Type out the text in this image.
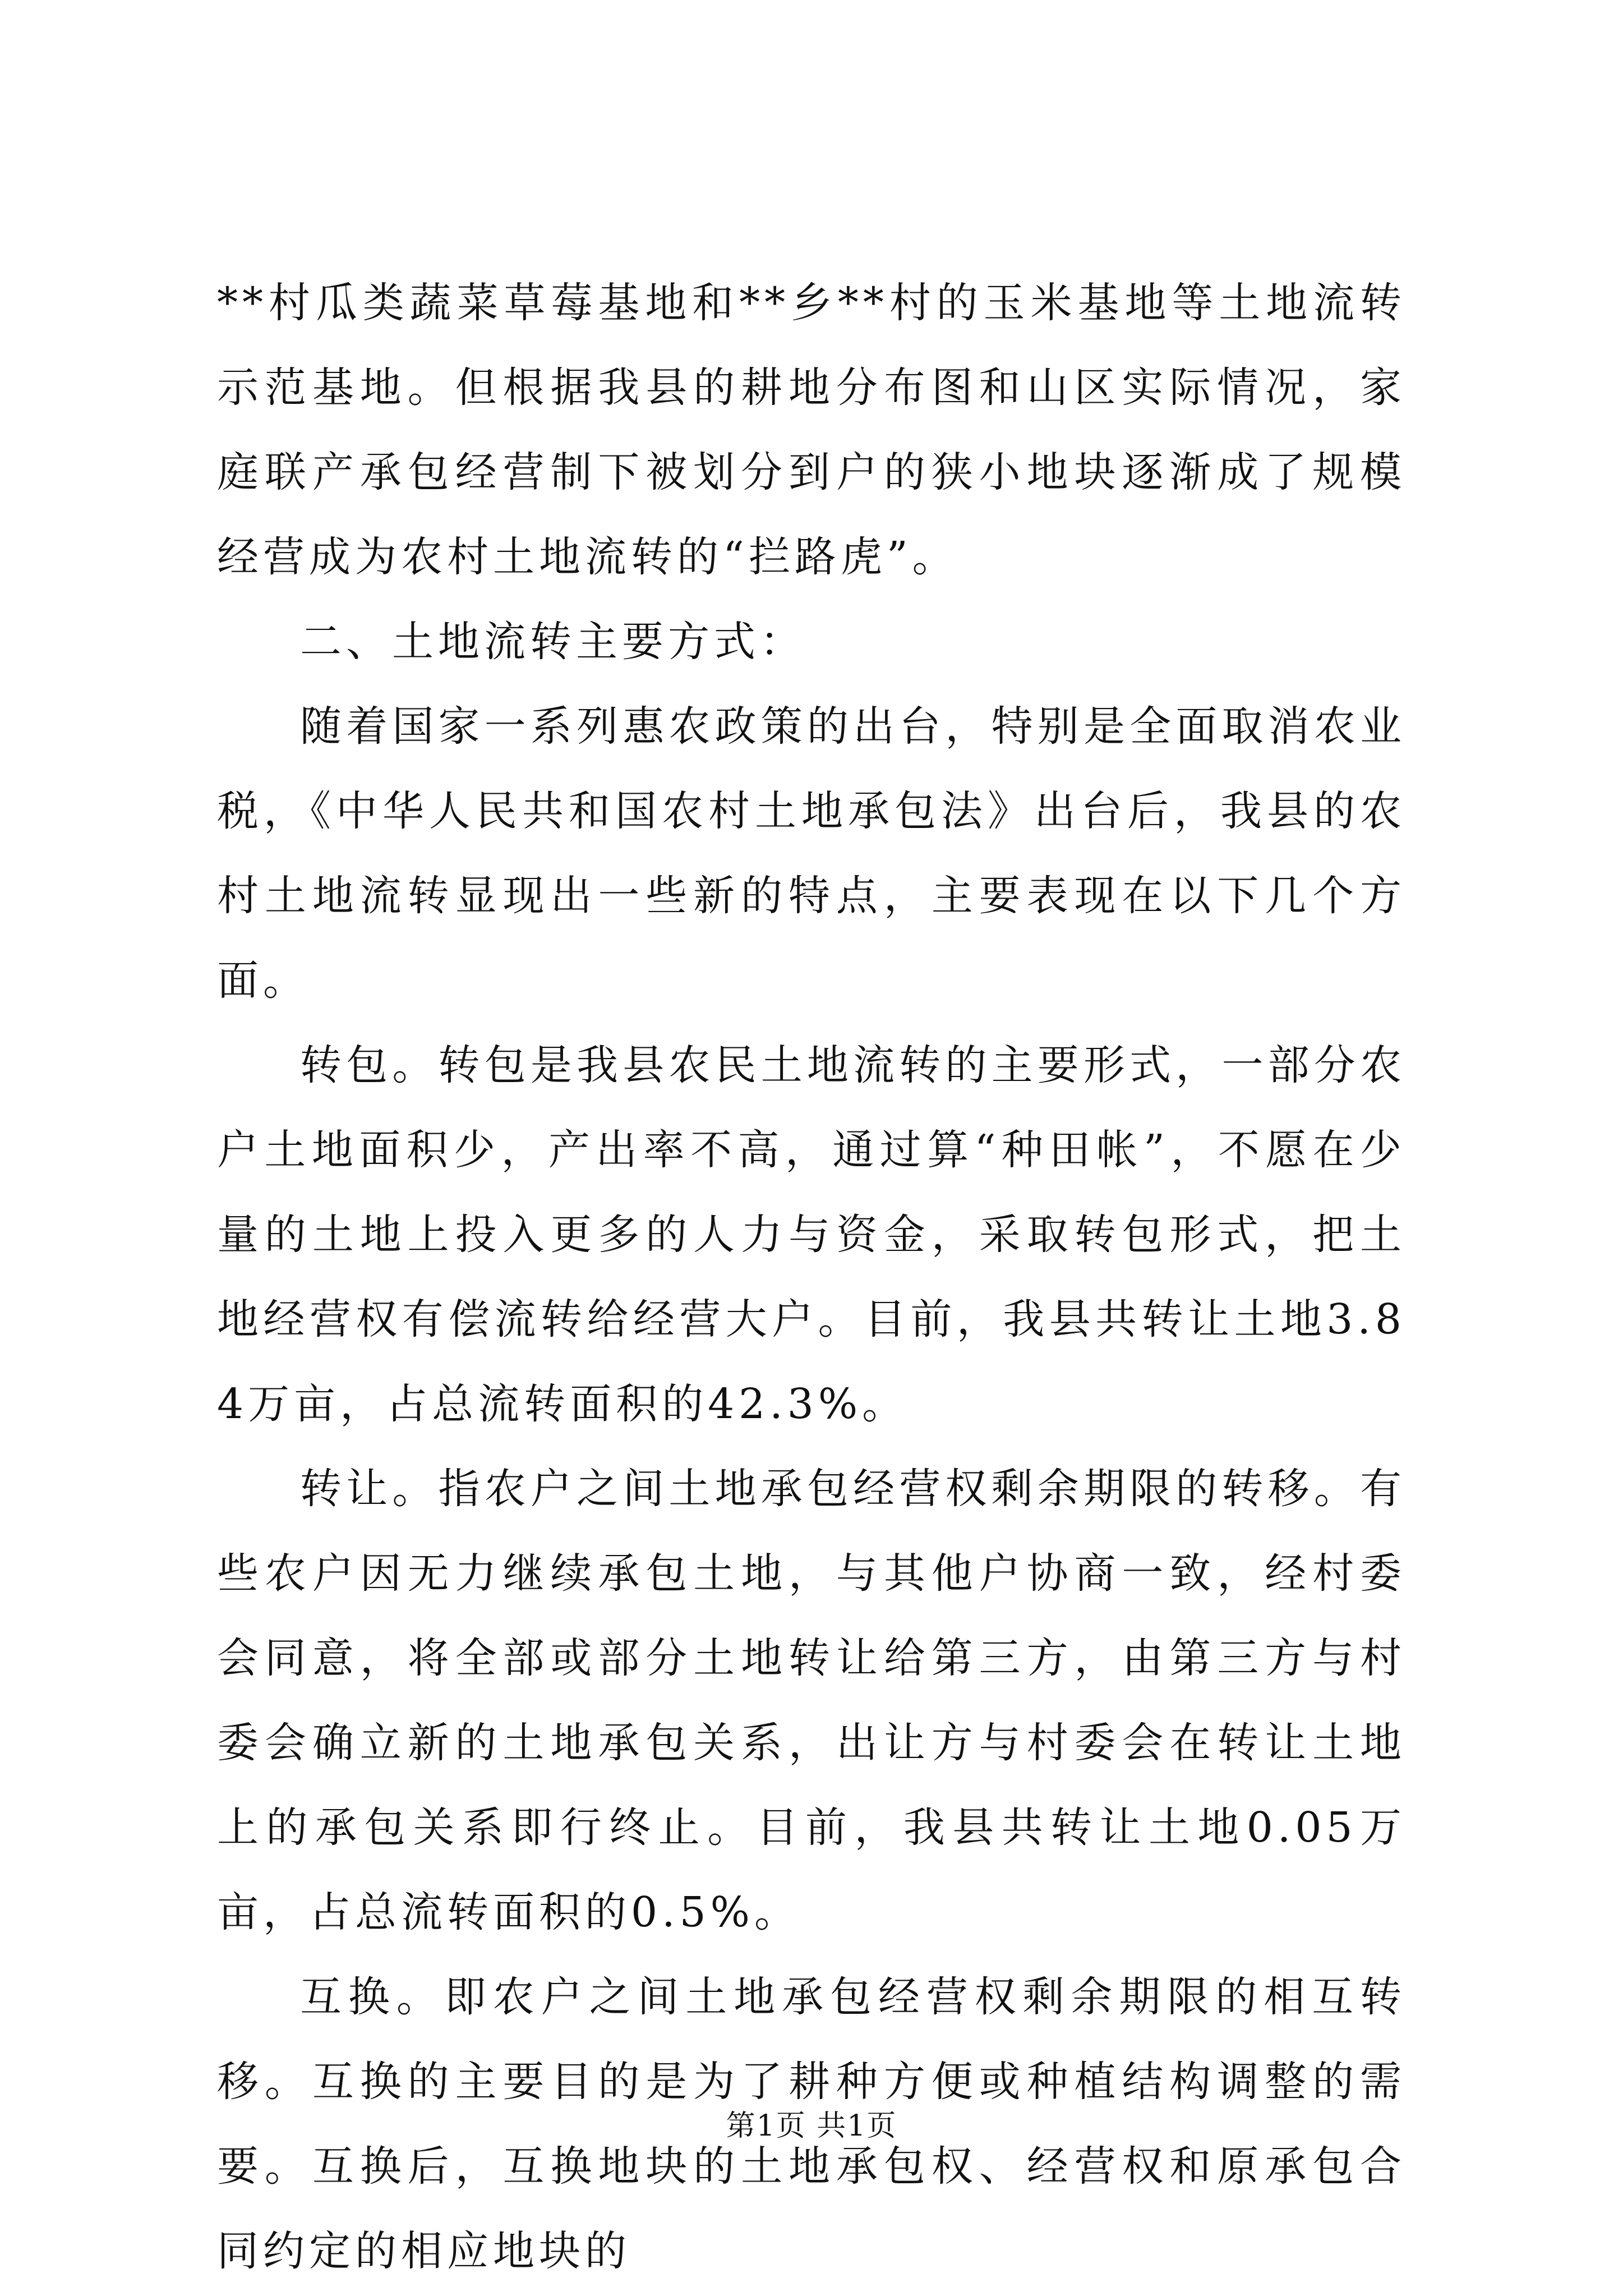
**村瓜类蔬菜草莓基地和**乡**村的玉米基地等土地流转示范基地。但根据我县的耕地分布图和山区实际情况，家庭联产承包经营制下被划分到户的狭小地块逐渐成了规模经营成为农村土地流转的“拦路虎”。

二、土地流转主要方式：

随着国家一系列惠农政策的出台，特别是全面取消农业税，《中华人民共和国农村土地承包法》出台后，我县的农村土地流转显现出一些新的特点，主要表现在以下几个方面。

转包。转包是我县农民土地流转的主要形式，一部分农户土地面积少，产出率不高，通过算“种田帐”，不愿在少量的土地上投入更多的人力与资金，采取转包形式，把土地经营权有偿流转给经营大户。目前，我县共转让土地3.84万亩，占总流转面积的42.3%。

转让。指农户之间土地承包经营权剩余期限的转移。有些农户因无力继续承包土地，与其他户协商一致，经村委会同意，将全部或部分土地转让给第三方，由第三方与村委会确立新的土地承包关系，出让方与村委会在转让土地上的承包关系即行终止。目前，我县共转让土地0.05万亩，占总流转面积的0.5%。

互换。即农户之间土地承包经营权剩余期限的相互转移。互换的主要目的是为了耕种方便或种植结构调整的需要。互换后，互换地块的土地承包权、经营权和原承包合同约定的相应地块的

第1页 共1页
